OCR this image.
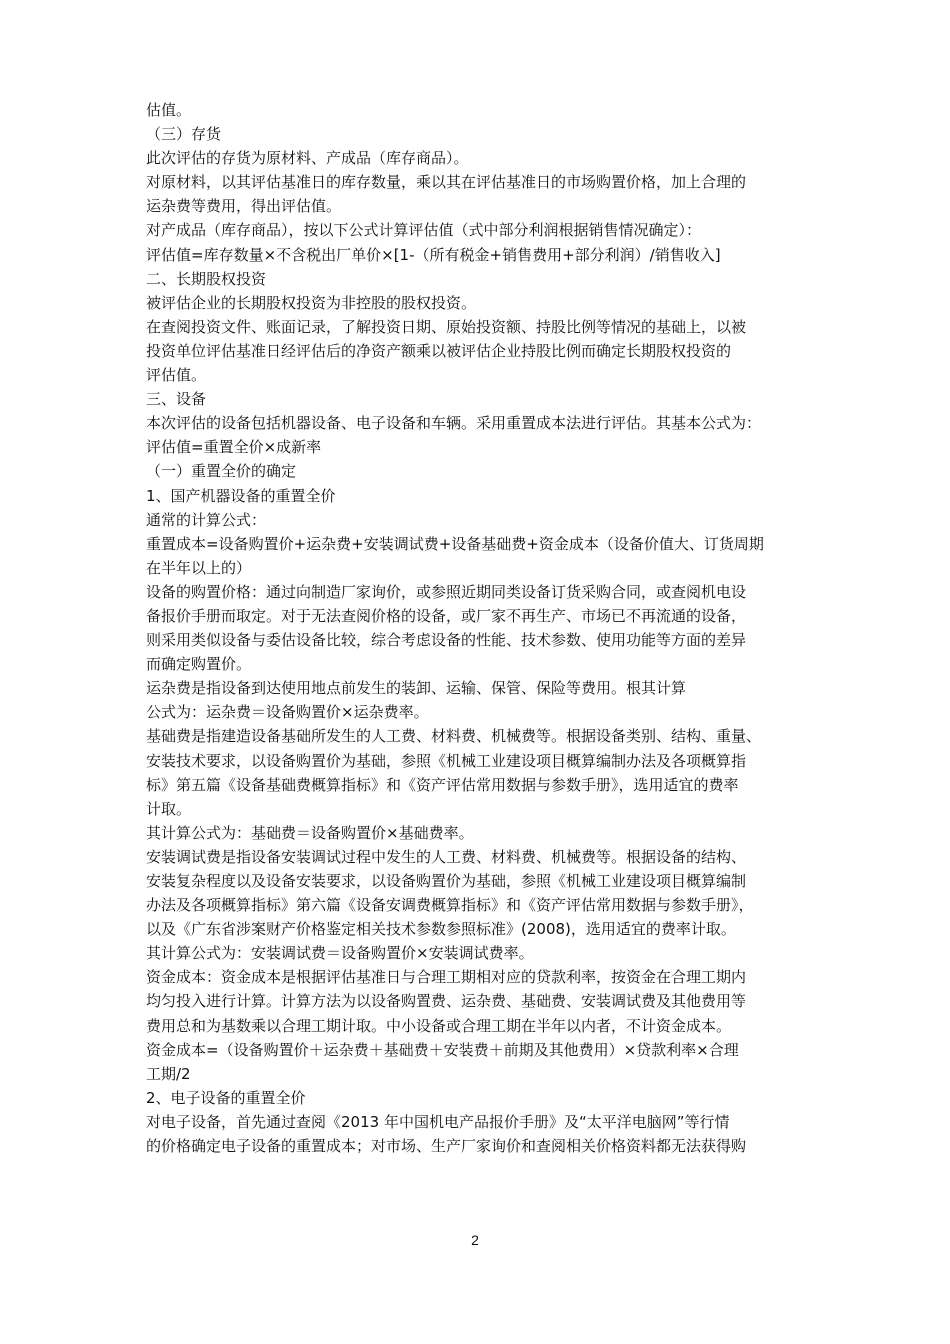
估值。
（三）存货
此次评估的存货为原材料、产成品（库存商品）。
对原材料，以其评估基准日的库存数量，乘以其在评估基准日的市场购置价格，加上合理的
运杂费等费用，得出评估值。
对产成品（库存商品），按以下公式计算评估值（式中部分利润根据销售情况确定）：
评估值=库存数量×不含税出厂单价×[1-（所有税金+销售费用+部分利润）/销售收入]
二、长期股权投资
被评估企业的长期股权投资为非控股的股权投资。
在查阅投资文件、账面记录，了解投资日期、原始投资额、持股比例等情况的基础上，以被
投资单位评估基准日经评估后的净资产额乘以被评估企业持股比例而确定长期股权投资的
评估值。
三、设备
本次评估的设备包括机器设备、电子设备和车辆。采用重置成本法进行评估。其基本公式为：
评估值=重置全价×成新率
（一）重置全价的确定
1、国产机器设备的重置全价
通常的计算公式：
重置成本=设备购置价+运杂费+安装调试费+设备基础费+资金成本（设备价值大、订货周期
在半年以上的）
设备的购置价格：通过向制造厂家询价，或参照近期同类设备订货采购合同，或查阅机电设
备报价手册而取定。对于无法查阅价格的设备，或厂家不再生产、市场已不再流通的设备，
则采用类似设备与委估设备比较，综合考虑设备的性能、技术参数、使用功能等方面的差异
而确定购置价。
运杂费是指设备到达使用地点前发生的装卸、运输、保管、保险等费用。根其计算
公式为：运杂费＝设备购置价×运杂费率。
基础费是指建造设备基础所发生的人工费、材料费、机械费等。根据设备类别、结构、重量、
安装技术要求，以设备购置价为基础，参照《机械工业建设项目概算编制办法及各项概算指
标》第五篇《设备基础费概算指标》和《资产评估常用数据与参数手册》，选用适宜的费率
计取。
其计算公式为：基础费＝设备购置价×基础费率。
安装调试费是指设备安装调试过程中发生的人工费、材料费、机械费等。根据设备的结构、
安装复杂程度以及设备安装要求，以设备购置价为基础，参照《机械工业建设项目概算编制
办法及各项概算指标》第六篇《设备安调费概算指标》和《资产评估常用数据与参数手册》，
以及《广东省涉案财产价格鉴定相关技术参数参照标准》(2008)，选用适宜的费率计取。
其计算公式为：安装调试费＝设备购置价×安装调试费率。
资金成本：资金成本是根据评估基准日与合理工期相对应的贷款利率，按资金在合理工期内
均匀投入进行计算。计算方法为以设备购置费、运杂费、基础费、安装调试费及其他费用等
费用总和为基数乘以合理工期计取。中小设备或合理工期在半年以内者，不计资金成本。
资金成本=（设备购置价＋运杂费＋基础费＋安装费＋前期及其他费用）×贷款利率×合理
工期/2
2、电子设备的重置全价
对电子设备，首先通过查阅《2013 年中国机电产品报价手册》及“太平洋电脑网”等行情
的价格确定电子设备的重置成本；对市场、生产厂家询价和查阅相关价格资料都无法获得购
2
